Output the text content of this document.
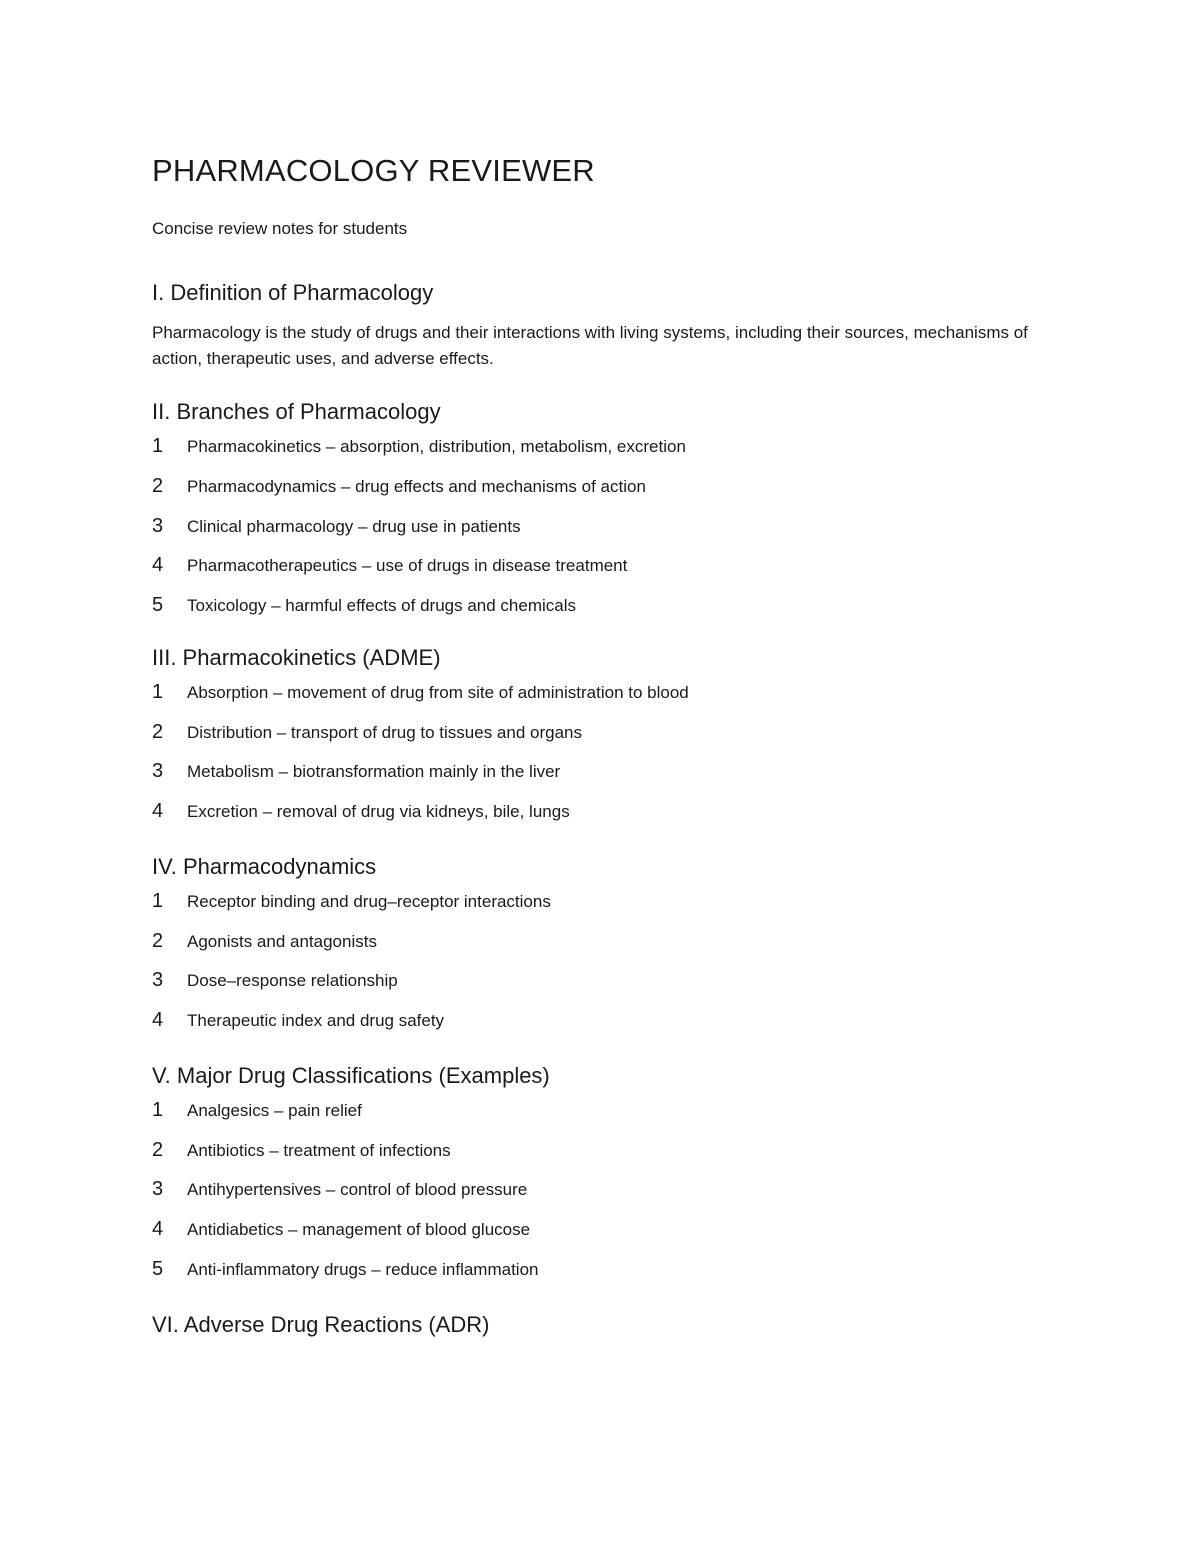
PHARMACOLOGY REVIEWER

Concise review notes for students

I. Definition of Pharmacology

Pharmacology is the study of drugs and their interactions with living systems, including their sources, mechanisms of action, therapeutic uses, and adverse effects.

II. Branches of Pharmacology
1	Pharmacokinetics – absorption, distribution, metabolism, excretion
2	Pharmacodynamics – drug effects and mechanisms of action
3	Clinical pharmacology – drug use in patients
4	Pharmacotherapeutics – use of drugs in disease treatment
5	Toxicology – harmful effects of drugs and chemicals
III. Pharmacokinetics (ADME)
1	Absorption – movement of drug from site of administration to blood
2	Distribution – transport of drug to tissues and organs
3	Metabolism – biotransformation mainly in the liver
4	Excretion – removal of drug via kidneys, bile, lungs
IV. Pharmacodynamics
1	Receptor binding and drug–receptor interactions
2	Agonists and antagonists
3	Dose–response relationship
4	Therapeutic index and drug safety
V. Major Drug Classifications (Examples)
1	Analgesics – pain relief
2	Antibiotics – treatment of infections
3	Antihypertensives – control of blood pressure
4	Antidiabetics – management of blood glucose
5	Anti-inflammatory drugs – reduce inflammation
VI. Adverse Drug Reactions (ADR)
